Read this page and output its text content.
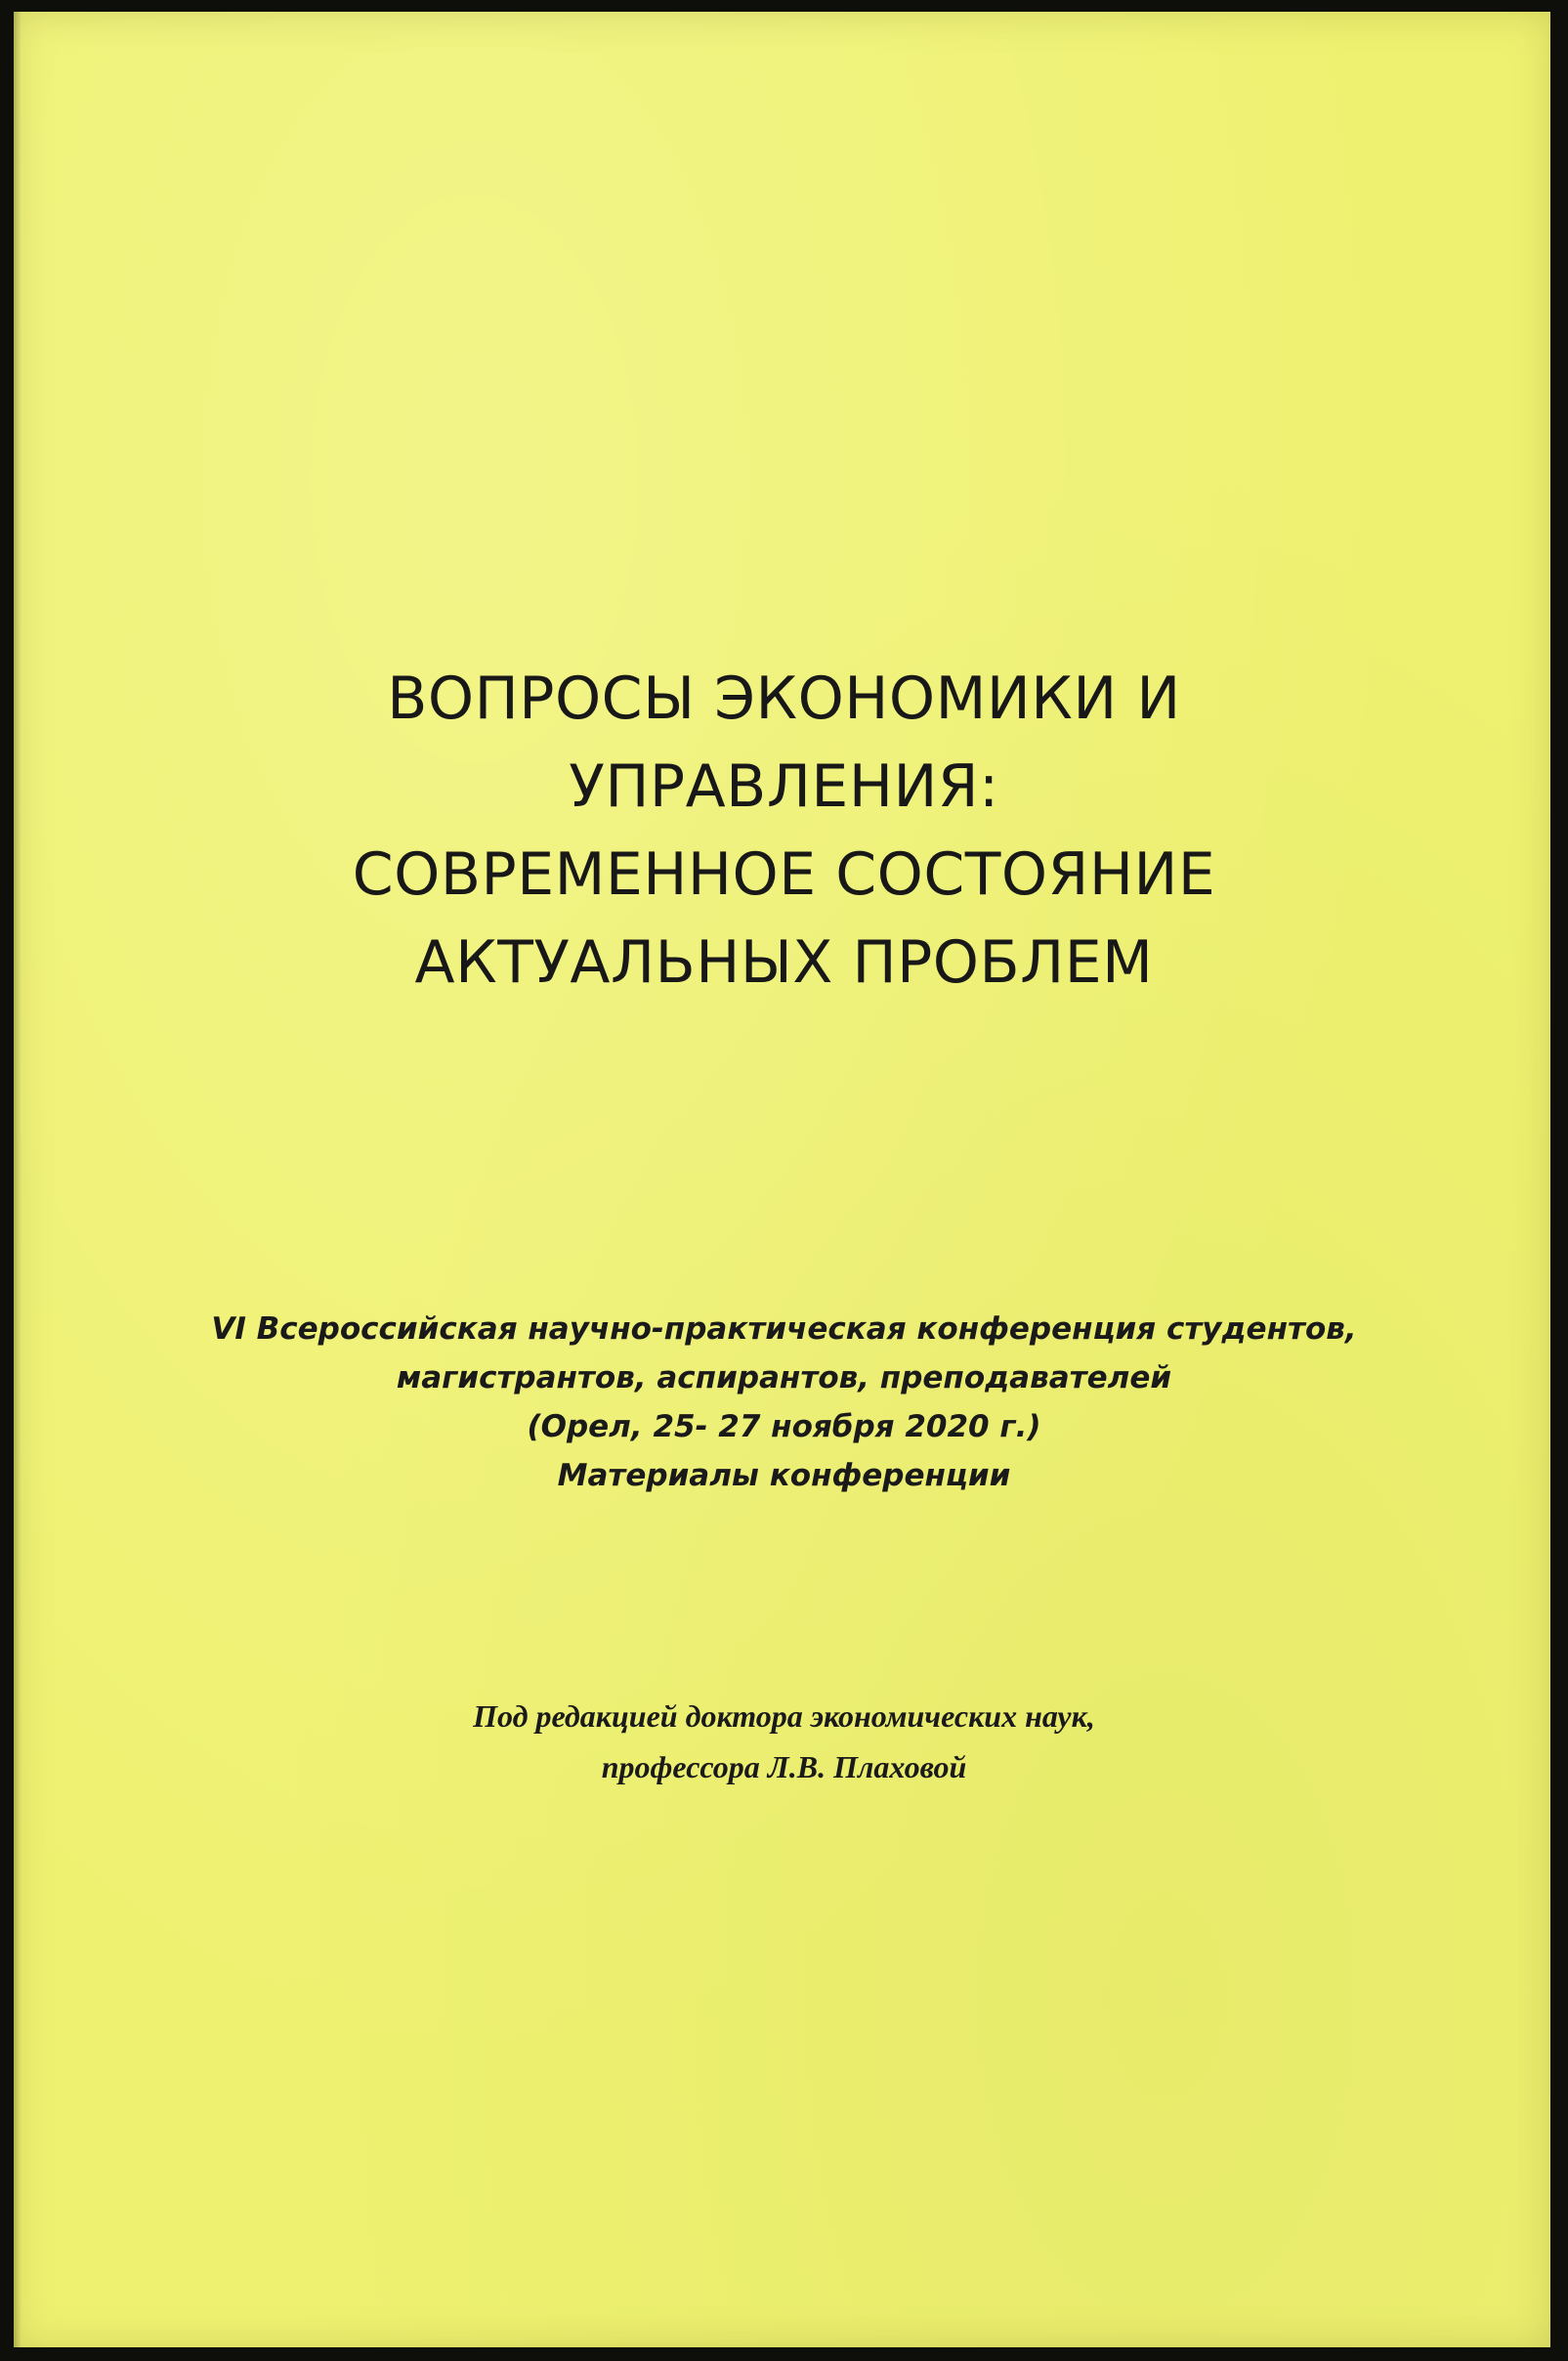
ВОПРОСЫ ЭКОНОМИКИ И
УПРАВЛЕНИЯ:
СОВРЕМЕННОЕ СОСТОЯНИЕ
АКТУАЛЬНЫХ ПРОБЛЕМ
VI Всероссийская научно-практическая конференция студентов,
магистрантов, аспирантов, преподавателей
(Орел, 25- 27 ноября 2020 г.)
Материалы конференции
Под редакцией доктора экономических наук,
профессора Л.В. Плаховой
